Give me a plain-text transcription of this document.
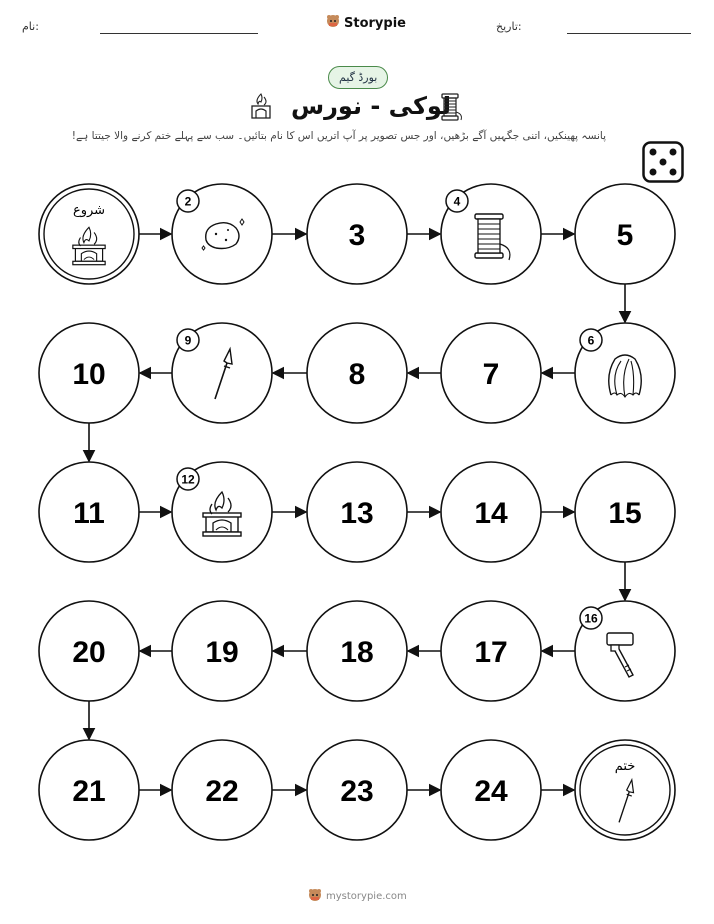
نام:	Storypie	تاریخ:
بورڈ گیم
لوکی - نورس
پانسہ پھینکیں، اتنی جگہیں آگے بڑھیں، اور جس تصویر پر آپ اتریں اس کا نام بتائیں۔ سب سے پہلے ختم کرنے والا جیتتا ہے!
شروع
2
3
4
5
6
7
8
9
10
11
12
13	14	15
16
17
18
19
20
21	22	23	24
ختم
mystorypie.com
